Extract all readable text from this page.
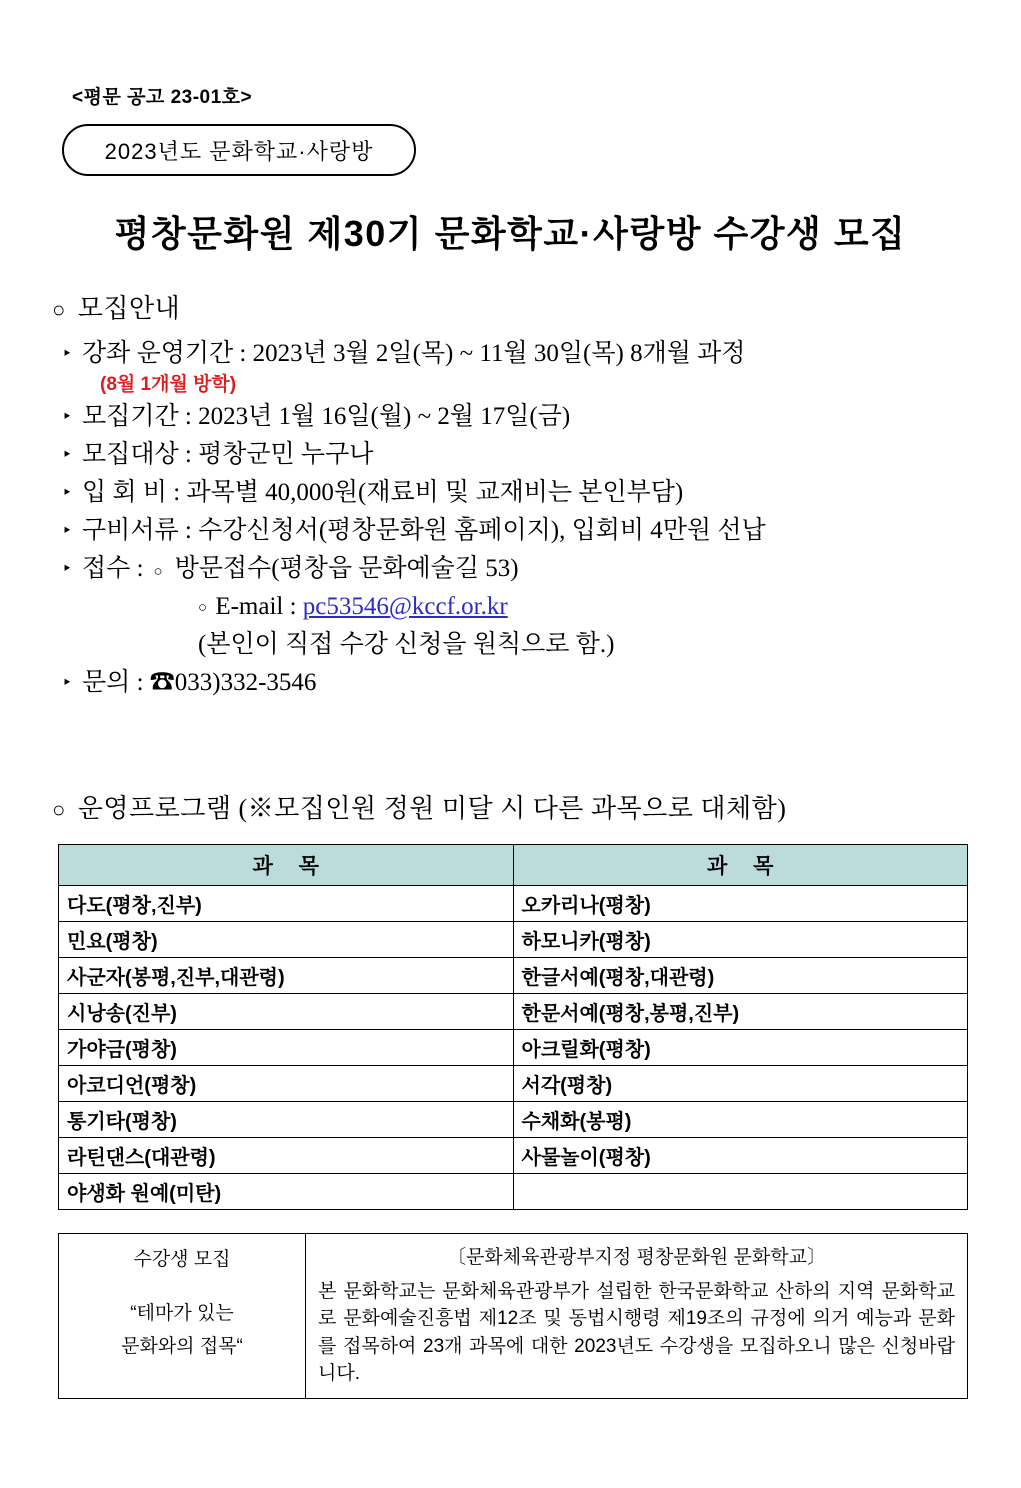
<평문 공고 23-01호>
2023년도 문화학교·사랑방
평창문화원 제30기 문화학교·사랑방 수강생 모집
○ 모집안내
‣ 강좌 운영기간 : 2023년 3월 2일(목) ~ 11월 30일(목) 8개월 과정
(8월 1개월 방학)
‣ 모집기간 : 2023년 1월 16일(월) ~ 2월 17일(금)
‣ 모집대상 : 평창군민 누구나
‣ 입 회 비 : 과목별 40,000원(재료비 및 교재비는 본인부담)
‣ 구비서류 : 수강신청서(평창문화원 홈페이지), 입회비 4만원 선납
‣ 접수 : ○ 방문접수(평창읍 문화예술길 53)
○ E-mail : pc53546@kccf.or.kr
(본인이 직접 수강 신청을 원칙으로 함.)
‣ 문의 : ☎033)332-3546
○ 운영프로그램 (※모집인원 정원 미달 시 다른 과목으로 대체함)
과 목	과 목
다도(평창,진부)	오카리나(평창)
민요(평창)	하모니카(평창)
사군자(봉평,진부,대관령)	한글서예(평창,대관령)
시낭송(진부)	한문서예(평창,봉평,진부)
가야금(평창)	아크릴화(평창)
아코디언(평창)	서각(평창)
통기타(평창)	수채화(봉평)
라틴댄스(대관령)	사물놀이(평창)
야생화 원예(미탄)	
수강생 모집
“테마가 있는
문화와의 접목“

〔문화체육관광부지정 평창문화원 문화학교〕
본 문화학교는 문화체육관광부가 설립한 한국문화학교 산하의 지역 문화학교로 문화예술진흥법 제12조 및 동법시행령 제19조의 규정에 의거 예능과 문화를 접목하여 23개 과목에 대한 2023년도 수강생을 모집하오니 많은 신청바랍니다.
